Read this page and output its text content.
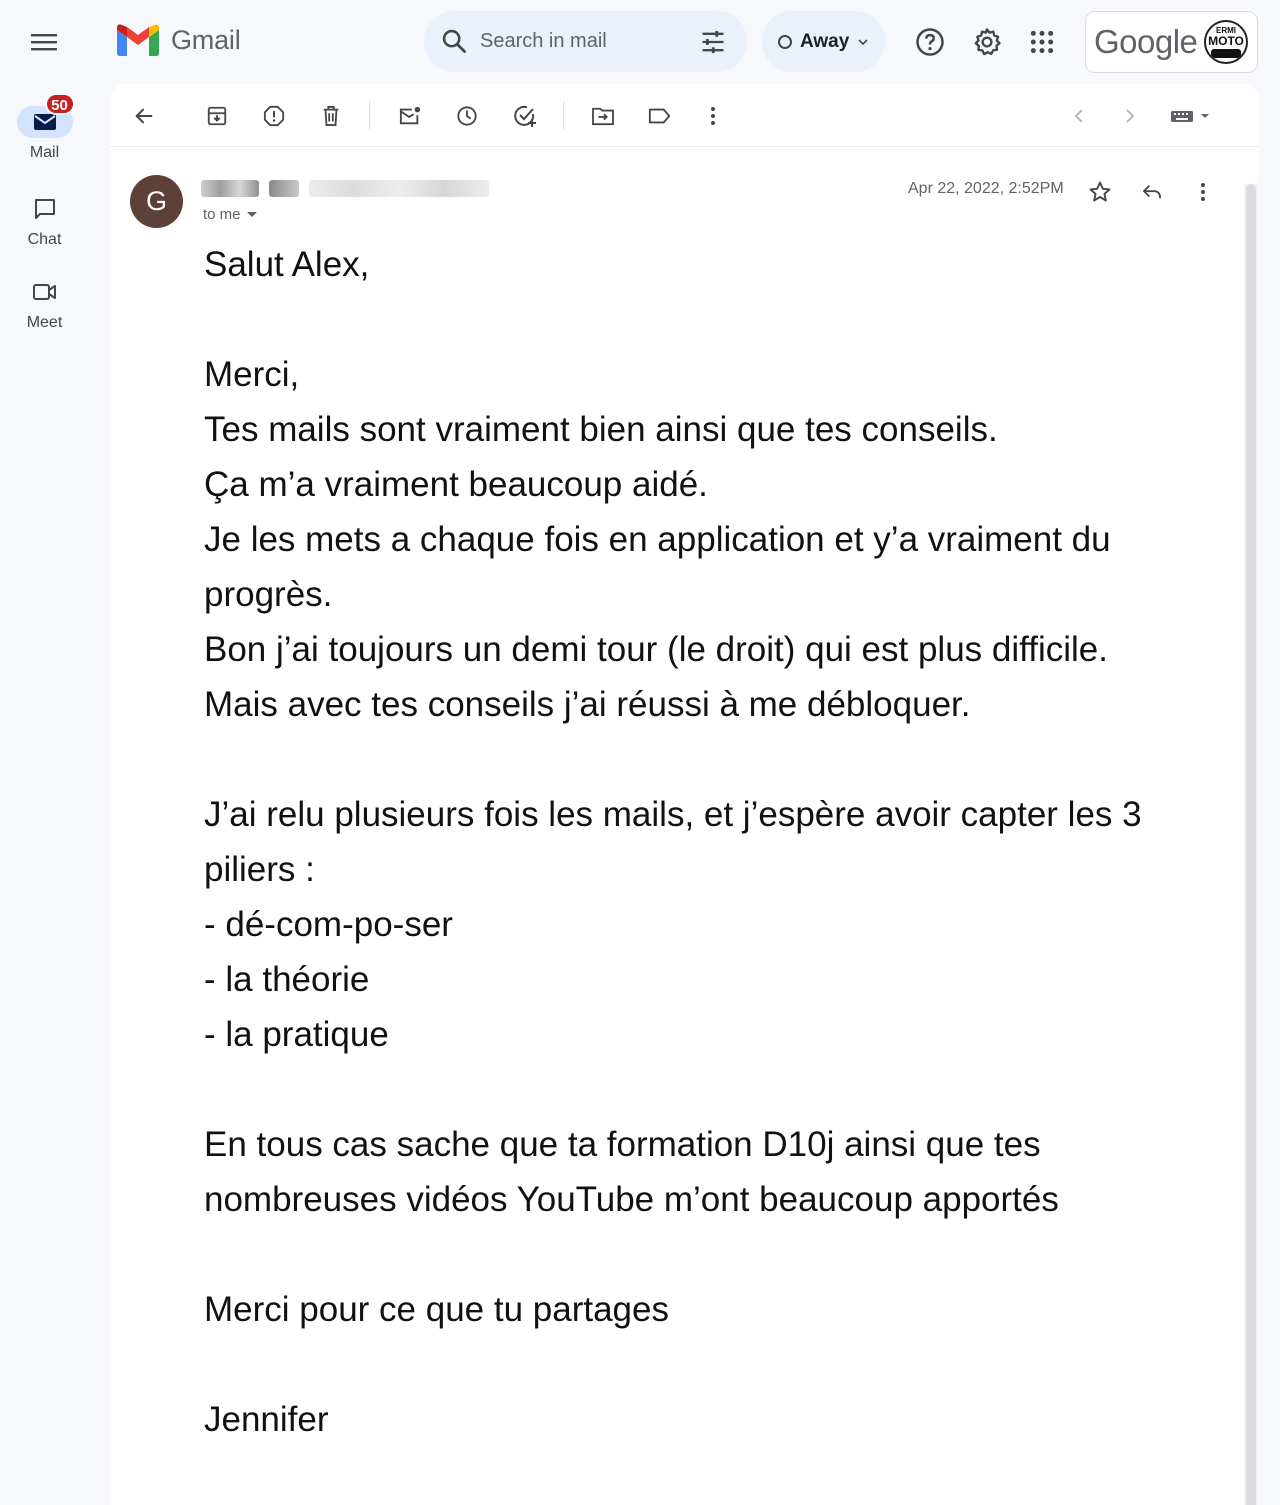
Gmail
Search in mail	Away	Google ERMI
MOTO
50
Mail
Chat
Meet
G	to me
Apr 22, 2022, 2:52PM
Salut Alex,
Merci,
Tes mails sont vraiment bien ainsi que tes conseils.
Ça m’a vraiment beaucoup aidé.
Je les mets a chaque fois en application et y’a vraiment du
progrès.
Bon j’ai toujours un demi tour (le droit) qui est plus difficile.
Mais avec tes conseils j’ai réussi à me débloquer.
J’ai relu plusieurs fois les mails, et j’espère avoir capter les 3
piliers :
- dé-com-po-ser
- la théorie
- la pratique
En tous cas sache que ta formation D10j ainsi que tes
nombreuses vidéos YouTube m’ont beaucoup apportés
Merci pour ce que tu partages
Jennifer
